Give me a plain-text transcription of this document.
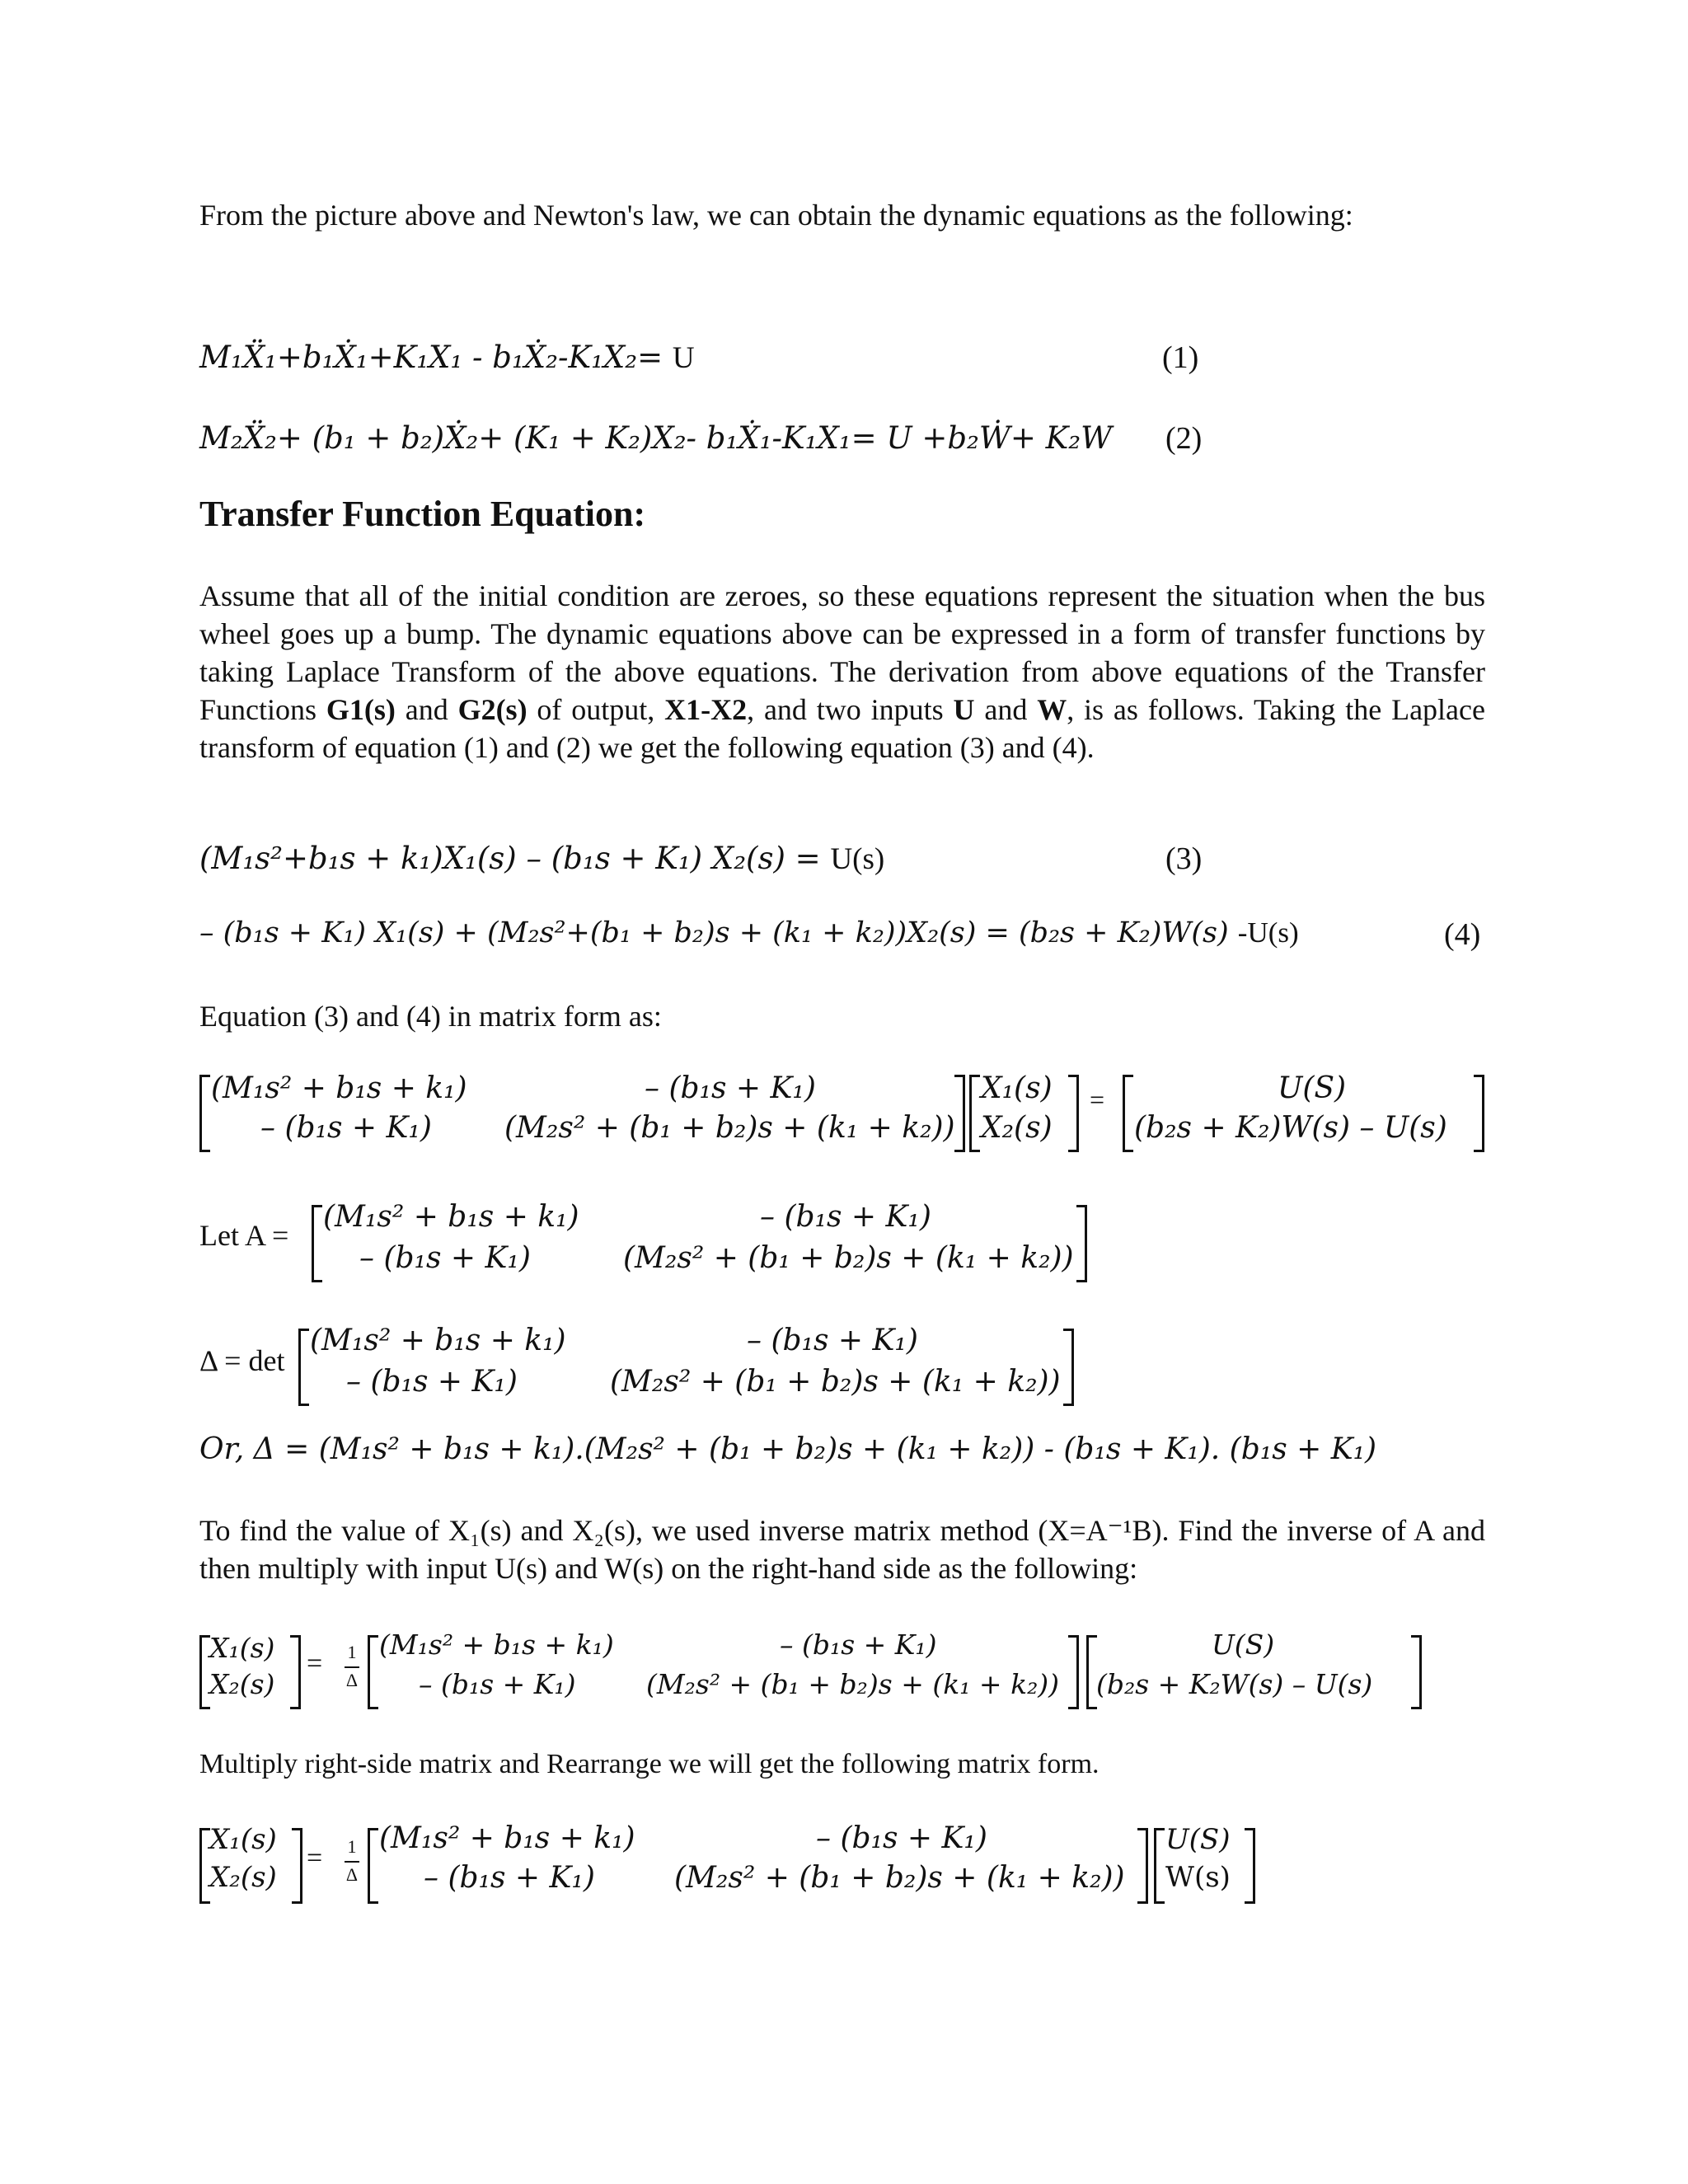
From the picture above and Newton's law, we can obtain the dynamic equations as the following:
M₁Ẍ₁+b₁Ẋ₁+K₁X₁ - b₁Ẋ₂-K₁X₂= U	(1)
M₂Ẍ₂+ (b₁ + b₂)Ẋ₂+ (K₁ + K₂)X₂- b₁Ẋ₁-K₁X₁= U +b₂Ẇ+ K₂W (2)
Transfer Function Equation:
Assume that all of the initial condition are zeroes, so these equations represent the situation when the bus wheel goes up a bump. The dynamic equations above can be expressed in a form of transfer functions by taking Laplace Transform of the above equations. The derivation from above equations of the Transfer Functions G1(s) and G2(s) of output, X1-X2, and two inputs U and W, is as follows. Taking the Laplace transform of equation (1) and (2) we get the following equation (3) and (4).
(M₁s²+b₁s + k₁)X₁(s) – (b₁s + K₁) X₂(s) = U(s)	(3)
– (b₁s + K₁) X₁(s) + (M₂s²+(b₁ + b₂)s + (k₁ + k₂))X₂(s) = (b₂s + K₂)W(s) -U(s)	(4)
Equation (3) and (4) in matrix form as:
(M₁s² + b₁s + k₁)	– (b₁s + K₁)
– (b₁s + K₁) (M₂s² + (b₁ + b₂)s + (k₁ + k₂))
X₁(s)
X₂(s)
=	U(S)
(b₂s + K₂)W(s) – U(s)
Let A =
(M₁s² + b₁s + k₁)	– (b₁s + K₁)
– (b₁s + K₁)	(M₂s² + (b₁ + b₂)s + (k₁ + k₂))
Δ = det
(M₁s² + b₁s + k₁)	– (b₁s + K₁)
– (b₁s + K₁)	(M₂s² + (b₁ + b₂)s + (k₁ + k₂))
Or, Δ = (M₁s² + b₁s + k₁).(M₂s² + (b₁ + b₂)s + (k₁ + k₂)) - (b₁s + K₁). (b₁s + K₁)
To find the value of X₁(s) and X₂(s), we used inverse matrix method (X=A⁻¹B). Find the inverse of A and then multiply with input U(s) and W(s) on the right-hand side as the following:
X₁(s)
X₂(s)
= 1
Δ
(M₁s² + b₁s + k₁)	– (b₁s + K₁)
– (b₁s + K₁)	(M₂s² + (b₁ + b₂)s + (k₁ + k₂))
U(S)
(b₂s + K₂W(s) – U(s)
Multiply right-side matrix and Rearrange we will get the following matrix form.
X₁(s)
X₂(s)
= 1
Δ
(M₁s² + b₁s + k₁)	– (b₁s + K₁)
– (b₁s + K₁)	(M₂s² + (b₁ + b₂)s + (k₁ + k₂))
U(S)
W(s)
